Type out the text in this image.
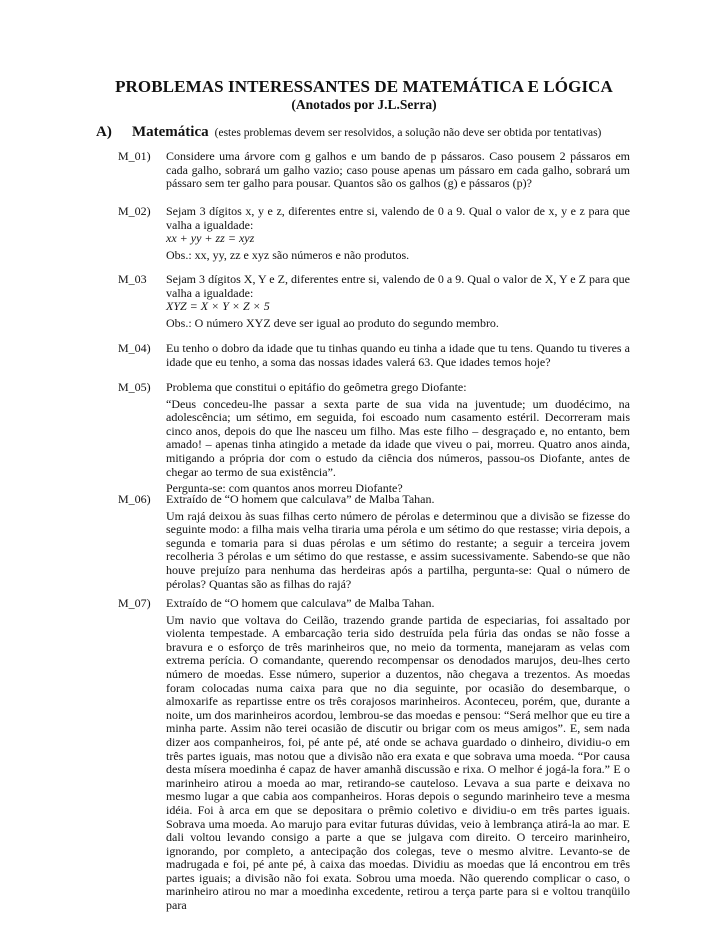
PROBLEMAS INTERESSANTES DE MATEMÁTICA E LÓGICA
(Anotados por J.L.Serra)
A) Matemática (estes problemas devem ser resolvidos, a solução não deve ser obtida por tentativas)
M_01)	Considere uma árvore com g galhos e um bando de p pássaros. Caso pousem 2 pássaros em cada galho, sobrará um galho vazio; caso pouse apenas um pássaro em cada galho, sobrará um pássaro sem ter galho para pousar. Quantos são os galhos (g) e pássaros (p)?

M_02)	Sejam 3 dígitos x, y e z, diferentes entre si, valendo de 0 a 9. Qual o valor de x, y e z para que valha a igualdade:

xx + yy + zz = xyz

Obs.: xx, yy, zz e xyz são números e não produtos.

M_03	Sejam 3 dígitos X, Y e Z, diferentes entre si, valendo de 0 a 9. Qual o valor de X, Y e Z para que valha a igualdade:

XYZ = X × Y × Z × 5

Obs.: O número XYZ deve ser igual ao produto do segundo membro.

M_04)	Eu tenho o dobro da idade que tu tinhas quando eu tinha a idade que tu tens. Quando tu tiveres a idade que eu tenho, a soma das nossas idades valerá 63. Que idades temos hoje?

M_05)	Problema que constitui o epitáfio do geômetra grego Diofante:

“Deus concedeu-lhe passar a sexta parte de sua vida na juventude; um duodécimo, na adolescência; um sétimo, em seguida, foi escoado num casamento estéril. Decorreram mais cinco anos, depois do que lhe nasceu um filho. Mas este filho – desgraçado e, no entanto, bem amado! – apenas tinha atingido a metade da idade que viveu o pai, morreu. Quatro anos ainda, mitigando a própria dor com o estudo da ciência dos números, passou-os Diofante, antes de chegar ao termo de sua existência”.

Pergunta-se: com quantos anos morreu Diofante?

M_06)	Extraído de “O homem que calculava” de Malba Tahan.

Um rajá deixou às suas filhas certo número de pérolas e determinou que a divisão se fizesse do seguinte modo: a filha mais velha tiraria uma pérola e um sétimo do que restasse; viria depois, a segunda e tomaria para si duas pérolas e um sétimo do restante; a seguir a terceira jovem recolheria 3 pérolas e um sétimo do que restasse, e assim sucessivamente. Sabendo-se que não houve prejuízo para nenhuma das herdeiras após a partilha, pergunta-se: Qual o número de pérolas? Quantas são as filhas do rajá?

M_07)	Extraído de “O homem que calculava” de Malba Tahan.

Um navio que voltava do Ceilão, trazendo grande partida de especiarias, foi assaltado por violenta tempestade. A embarcação teria sido destruída pela fúria das ondas se não fosse a bravura e o esforço de três marinheiros que, no meio da tormenta, manejaram as velas com extrema perícia. O comandante, querendo recompensar os denodados marujos, deu-lhes certo número de moedas. Esse número, superior a duzentos, não chegava a trezentos. As moedas foram colocadas numa caixa para que no dia seguinte, por ocasião do desembarque, o almoxarife as repartisse entre os três corajosos marinheiros. Aconteceu, porém, que, durante a noite, um dos marinheiros acordou, lembrou-se das moedas e pensou: “Será melhor que eu tire a minha parte. Assim não terei ocasião de discutir ou brigar com os meus amigos”. E, sem nada dizer aos companheiros, foi, pé ante pé, até onde se achava guardado o dinheiro, dividiu-o em três partes iguais, mas notou que a divisão não era exata e que sobrava uma moeda. “Por causa desta mísera moedinha é capaz de haver amanhã discussão e rixa. O melhor é jogá-la fora.” E o marinheiro atirou a moeda ao mar, retirando-se cauteloso. Levava a sua parte e deixava no mesmo lugar a que cabia aos companheiros. Horas depois o segundo marinheiro teve a mesma idéia. Foi à arca em que se depositara o prêmio coletivo e dividiu-o em três partes iguais. Sobrava uma moeda. Ao marujo para evitar futuras dúvidas, veio à lembrança atirá-la ao mar. E dali voltou levando consigo a parte a que se julgava com direito. O terceiro marinheiro, ignorando, por completo, a antecipação dos colegas, teve o mesmo alvitre. Levanto-se de madrugada e foi, pé ante pé, à caixa das moedas. Dividiu as moedas que lá encontrou em três partes iguais; a divisão não foi exata. Sobrou uma moeda. Não querendo complicar o caso, o marinheiro atirou no mar a moedinha excedente, retirou a terça parte para si e voltou tranqüilo para
